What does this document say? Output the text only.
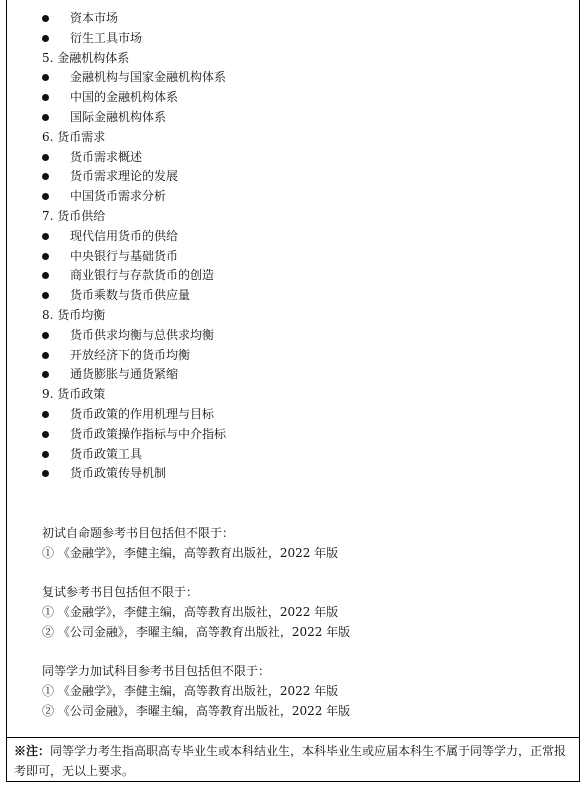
资本市场
衍生工具市场
5. 金融机构体系
金融机构与国家金融机构体系
中国的金融机构体系
国际金融机构体系
6. 货币需求
货币需求概述
货币需求理论的发展
中国货币需求分析
7. 货币供给
现代信用货币的供给
中央银行与基础货币
商业银行与存款货币的创造
货币乘数与货币供应量
8. 货币均衡
货币供求均衡与总供求均衡
开放经济下的货币均衡
通货膨胀与通货紧缩
9. 货币政策
货币政策的作用机理与目标
货币政策操作指标与中介指标
货币政策工具
货币政策传导机制
初试自命题参考书目包括但不限于：
① 《金融学》，李健主编，高等教育出版社，2022 年版
复试参考书目包括但不限于：
① 《金融学》，李健主编，高等教育出版社，2022 年版
② 《公司金融》，李曜主编，高等教育出版社，2022 年版
同等学力加试科目参考书目包括但不限于：
① 《金融学》，李健主编，高等教育出版社，2022 年版
② 《公司金融》，李曜主编，高等教育出版社，2022 年版
※注：同等学力考生指高职高专毕业生或本科结业生，本科毕业生或应届本科生不属于同等学力，正常报考即可，无以上要求。
